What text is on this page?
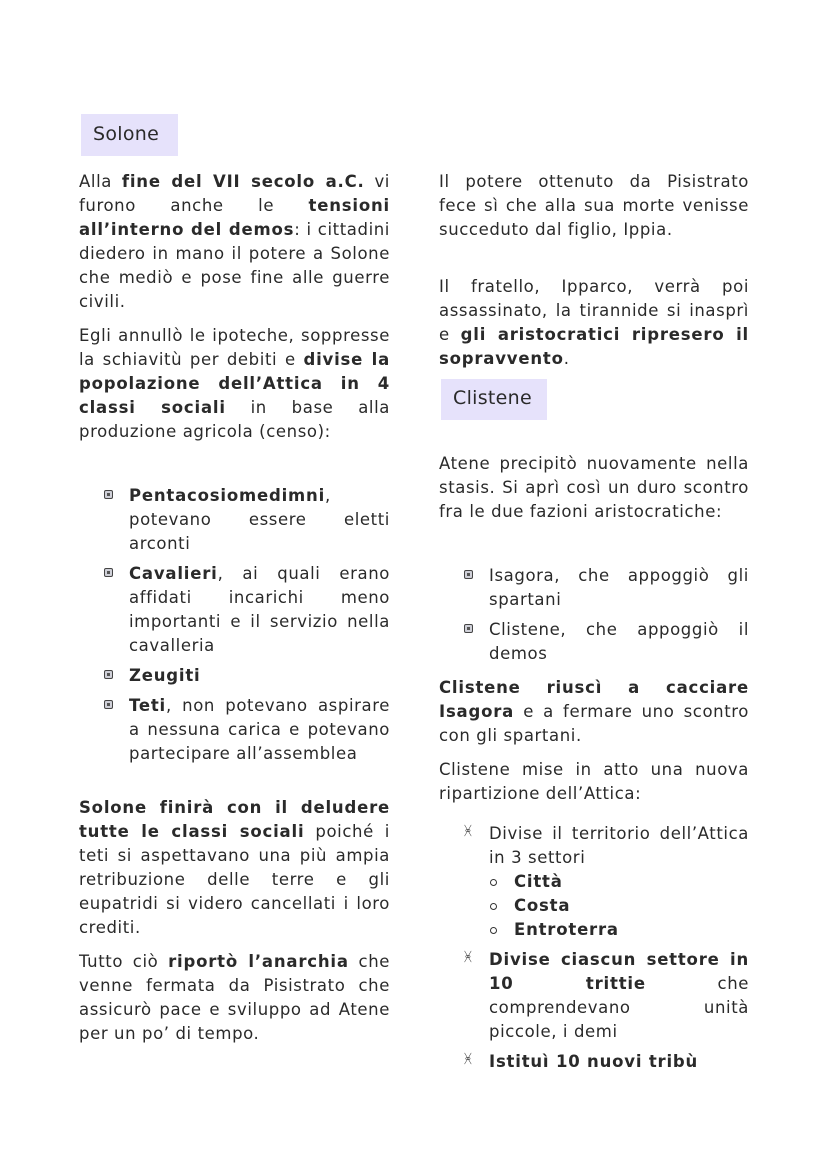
Solone

Alla fine del VII secolo a.C. vi furono anche le tensioni all’interno del demos: i cittadini diedero in mano il potere a Solone che mediò e pose fine alle guerre civili.

Egli annullò le ipoteche, soppresse la schiavitù per debiti e divise la popolazione dell’Attica in 4 classi sociali in base alla produzione agricola (censo):

Pentacosiomedimni, potevano essere eletti arconti
Cavalieri, ai quali erano affidati incarichi meno importanti e il servizio nella cavalleria
Zeugiti
Teti, non potevano aspirare a nessuna carica e potevano partecipare all’assemblea

Solone finirà con il deludere tutte le classi sociali poiché i teti si aspettavano una più ampia retribuzione delle terre e gli eupatridi si videro cancellati i loro crediti.

Tutto ciò riportò l’anarchia che venne fermata da Pisistrato che assicurò pace e sviluppo ad Atene per un po’ di tempo.

Il potere ottenuto da Pisistrato fece sì che alla sua morte venisse succeduto dal figlio, Ippia.

Il fratello, Ipparco, verrà poi assassinato, la tirannide si inasprì e gli aristocratici ripresero il sopravvento.

Clistene

Atene precipitò nuovamente nella stasis. Si aprì così un duro scontro fra le due fazioni aristocratiche:

Isagora, che appoggiò gli spartani
Clistene, che appoggiò il demos

Clistene riuscì a cacciare Isagora e a fermare uno scontro con gli spartani.

Clistene mise in atto una nuova ripartizione dell’Attica:

ᚸ Divise il territorio dell’Attica in 3 settori
Città
Costa
Entroterra
ᚸ Divise ciascun settore in 10 trittie che comprendevano unità piccole, i demi
ᚸ Istituì 10 nuovi tribù
